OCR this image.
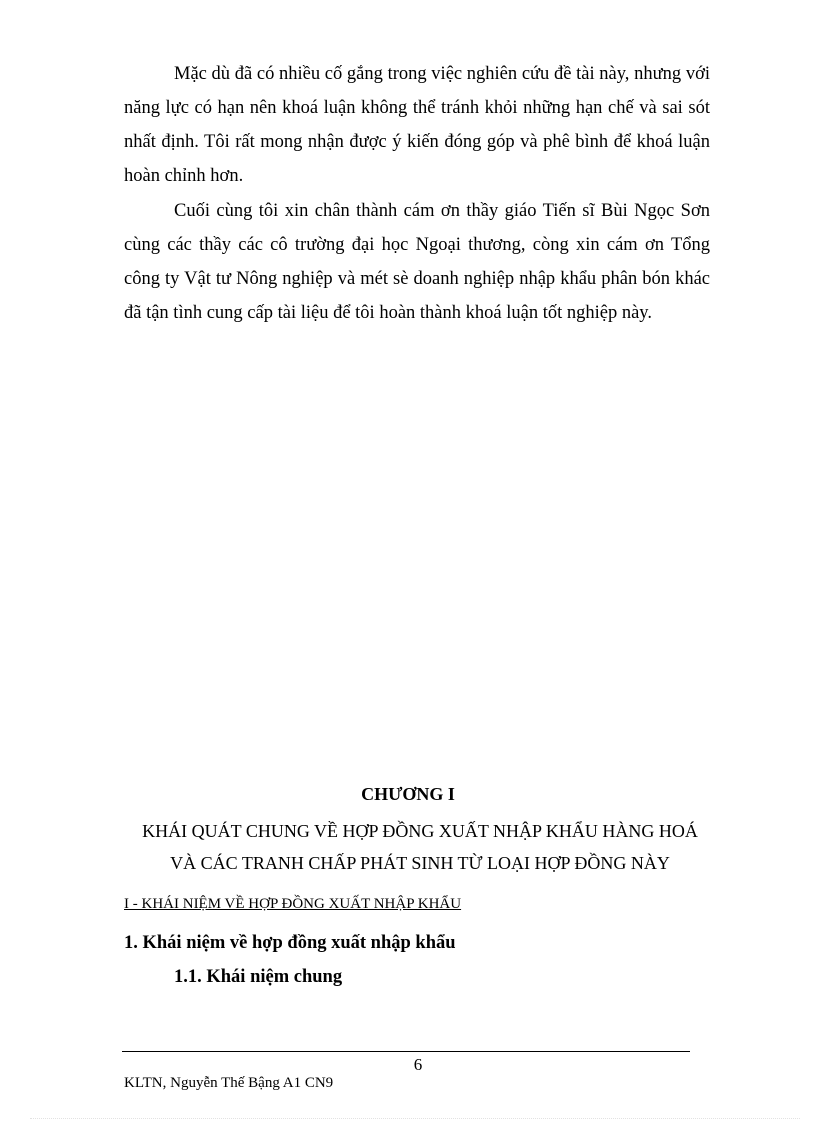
Mặc dù đã có nhiều cố gắng trong việc nghiên cứu đề tài này, nhưng với năng lực có hạn nên khoá luận không thể tránh khỏi những hạn chế và sai sót nhất định. Tôi rất mong nhận được ý kiến đóng góp và phê bình để khoá luận hoàn chỉnh hơn.

Cuối cùng tôi xin chân thành cám ơn thầy giáo Tiến sĩ Bùi Ngọc Sơn cùng các thầy các cô trường đại học Ngoại thương, còng xin cám ơn Tổng công ty Vật tư Nông nghiệp và mét sè doanh nghiệp nhập khẩu phân bón khác đã tận tình cung cấp tài liệu để tôi hoàn thành khoá luận tốt nghiệp này.

CHƯƠNG I

KHÁI QUÁT CHUNG VỀ HỢP ĐỒNG XUẤT NHẬP KHẨU HÀNG HOÁ
VÀ CÁC TRANH CHẤP PHÁT SINH TỪ LOẠI HỢP ĐỒNG NÀY

I - KHÁI NIỆM VỀ HỢP ĐỒNG XUẤT NHẬP KHẨU

1. Khái niệm về hợp đồng xuất nhập khẩu

1.1. Khái niệm chung

6

KLTN, Nguyễn Thế Bậng A1 CN9
